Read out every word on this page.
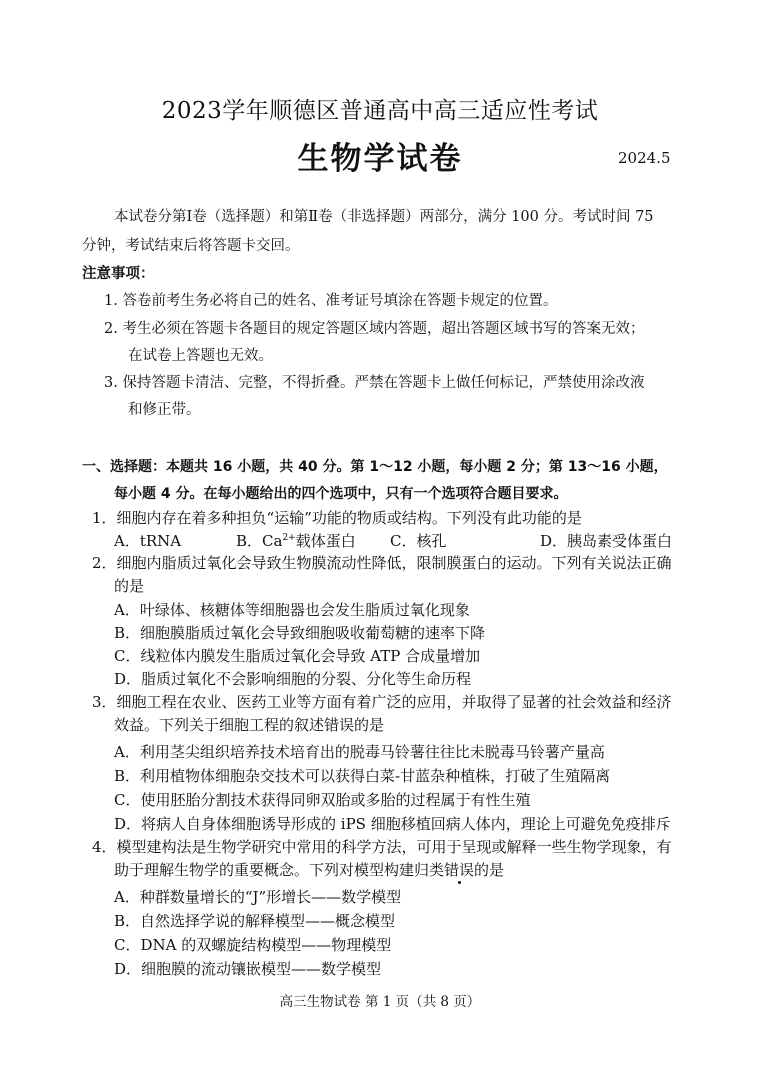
2023学年顺德区普通高中高三适应性考试
生物学试卷	2024.5
本试卷分第Ⅰ卷（选择题）和第Ⅱ卷（非选择题）两部分，满分 100 分。考试时间 75
分钟，考试结束后将答题卡交回。
注意事项：
1. 答卷前考生务必将自己的姓名、准考证号填涂在答题卡规定的位置。
2. 考生必须在答题卡各题目的规定答题区域内答题，超出答题区域书写的答案无效；
在试卷上答题也无效。
3. 保持答题卡清洁、完整，不得折叠。严禁在答题卡上做任何标记，严禁使用涂改液
和修正带。
一、选择题：本题共 16 小题，共 40 分。第 1～12 小题，每小题 2 分；第 13～16 小题，
每小题 4 分。在每小题给出的四个选项中，只有一个选项符合题目要求。
1．细胞内存在着多种担负“运输”功能的物质或结构。下列没有此功能的是
A．tRNA	B．$Ca^{2+}$载体蛋白 C．核孔	D．胰岛素受体蛋白
2．细胞内脂质过氧化会导致生物膜流动性降低，限制膜蛋白的运动。下列有关说法正确
的是
A．叶绿体、核糖体等细胞器也会发生脂质过氧化现象
B．细胞膜脂质过氧化会导致细胞吸收葡萄糖的速率下降
C．线粒体内膜发生脂质过氧化会导致 ATP 合成量增加
D．脂质过氧化不会影响细胞的分裂、分化等生命历程
3．细胞工程在农业、医药工业等方面有着广泛的应用，并取得了显著的社会效益和经济
效益。下列关于细胞工程的叙述错误的是
A．利用茎尖组织培养技术培育出的脱毒马铃薯往往比未脱毒马铃薯产量高
B．利用植物体细胞杂交技术可以获得白菜-甘蓝杂种植株，打破了生殖隔离
C．使用胚胎分割技术获得同卵双胎或多胎的过程属于有性生殖
D．将病人自身体细胞诱导形成的 iPS 细胞移植回病人体内，理论上可避免免疫排斥
4．模型建构法是生物学研究中常用的科学方法，可用于呈现或解释一些生物学现象，有
助于理解生物学的重要概念。下列对模型构建归类错误的是
A．种群数量增长的“J”形增长——数学模型
B．自然选择学说的解释模型——概念模型
C．DNA 的双螺旋结构模型——物理模型
D．细胞膜的流动镶嵌模型——数学模型
高三生物试卷 第 1 页（共 8 页）
